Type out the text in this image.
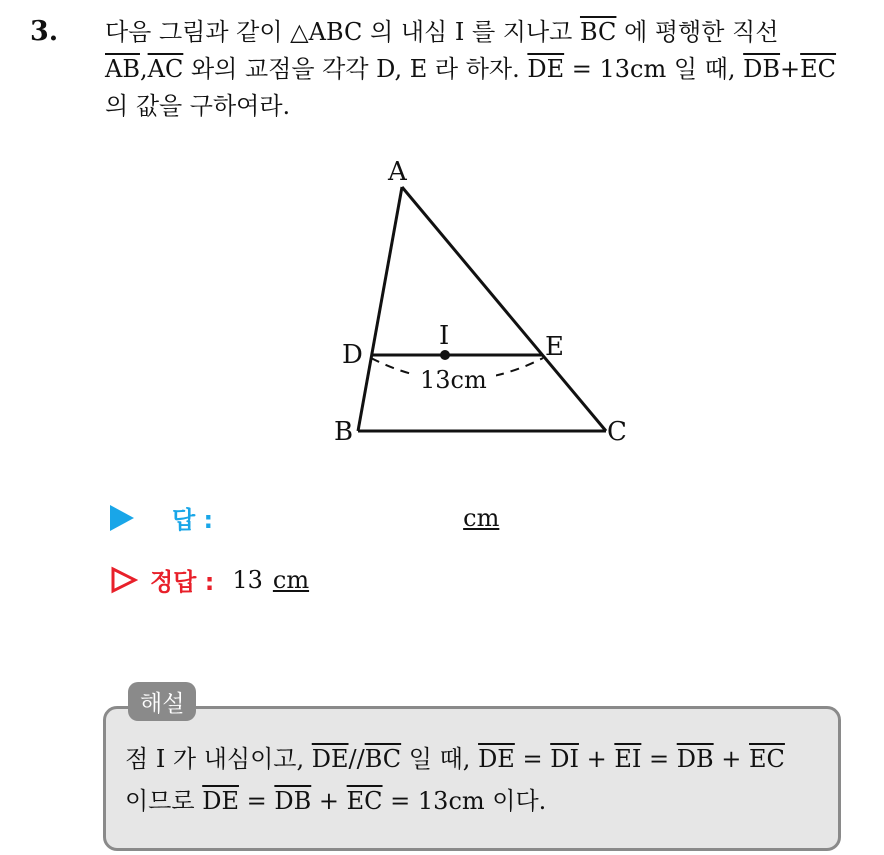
3. 다음 그림과 같이 △ABC 의 내심 I 를 지나고 $\overline{BC}$ 에 평행한 직선
$\overline{AB},\overline{AC}$ 와의 교점을 각각 D, E 라 하자. $\overline{DE} = 13cm$ 일 때, $\overline{DB}+\overline{EC}$
의 값을 구하여라.
A
B	C
D	E
I
13cm
답 :	cm
정답 : 13 cm
해설
점 I 가 내심이고, $\overline{DE}//\overline{BC}$ 일 때, $\overline{DE} = \overline{DI} + \overline{EI} = \overline{DB} + \overline{EC}$
이므로 $\overline{DE} = \overline{DB} + \overline{EC} = 13cm$ 이다.
